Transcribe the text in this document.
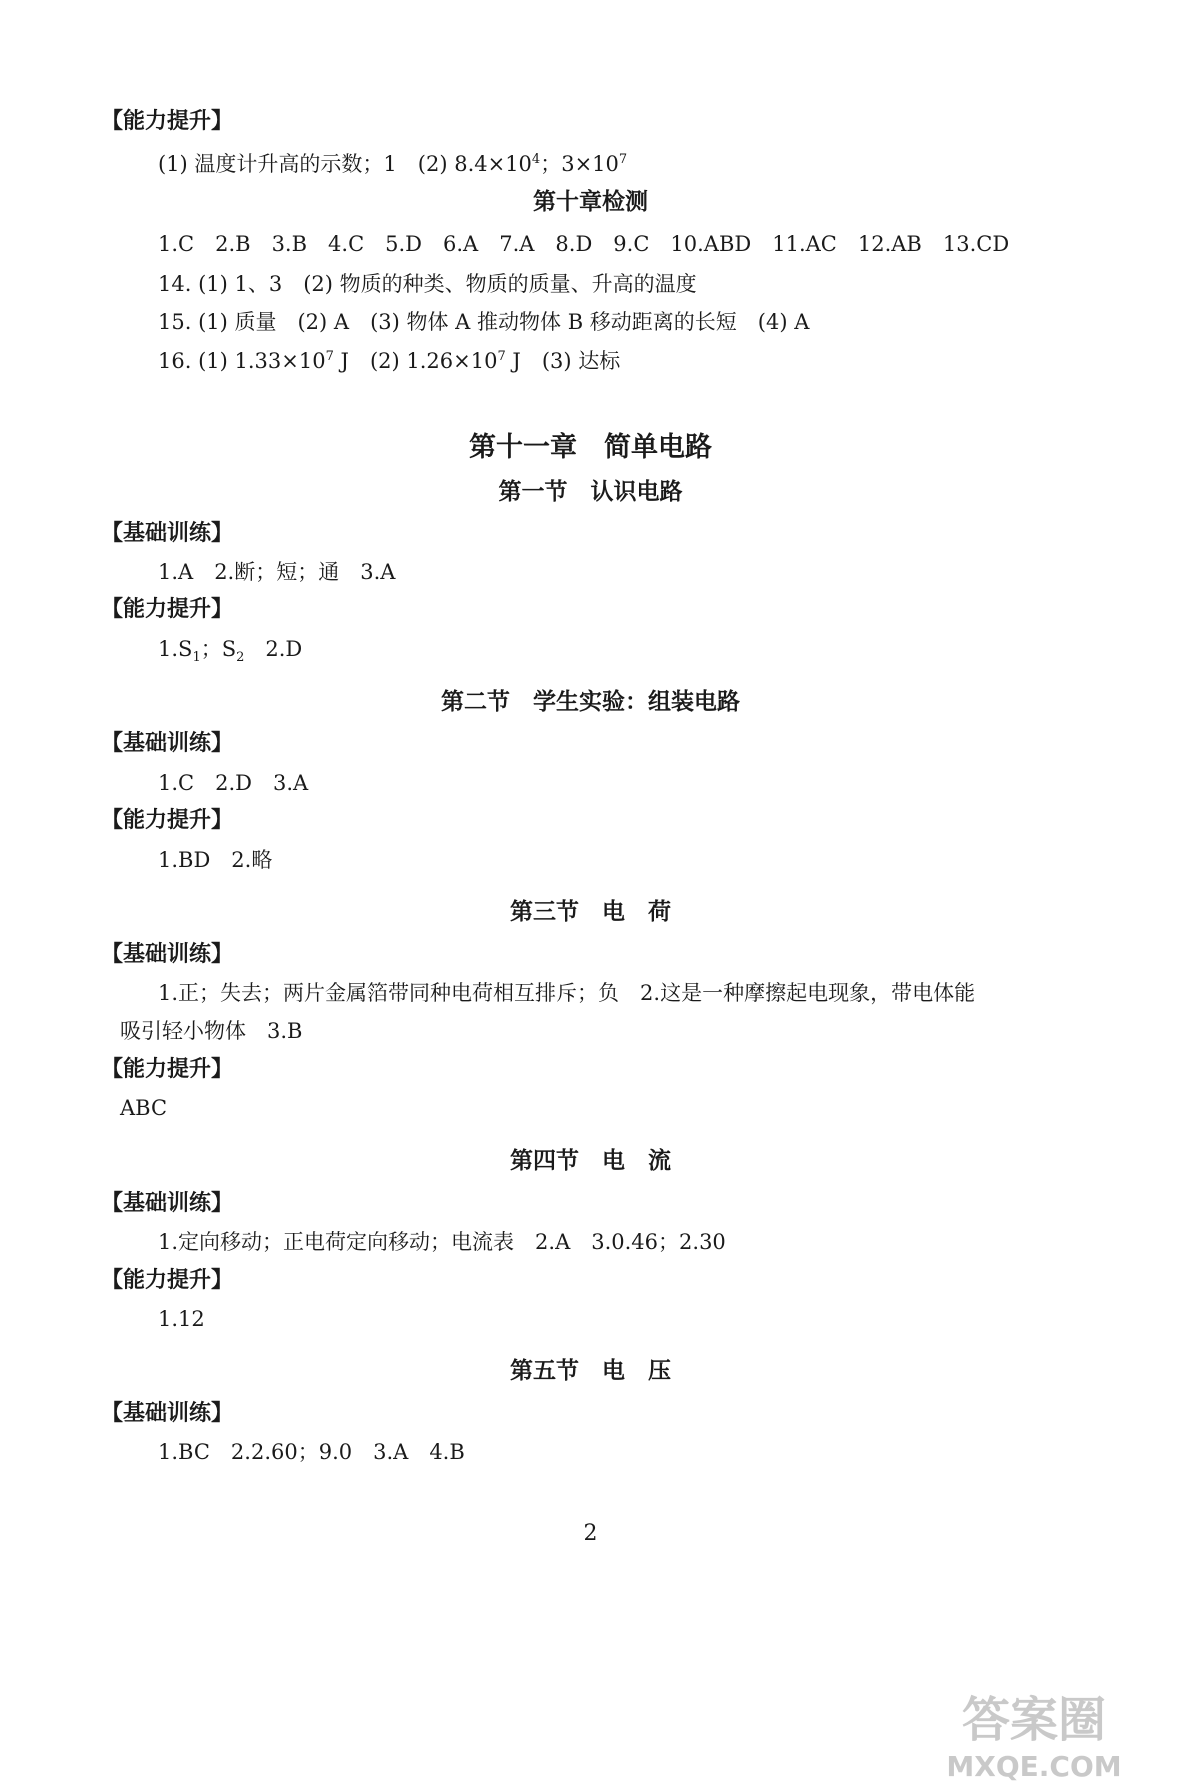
【能力提升】
(1) 温度计升高的示数；1　(2) $8.4\times 10^4$；$3\times 10^7$
第十章检测
1.C　2.B　3.B　4.C　5.D　6.A　7.A　8.D　9.C　10.ABD　11.AC　12.AB　13.CD
14. (1) 1、3　(2) 物质的种类、物质的质量、升高的温度
15. (1) 质量　(2) A　(3) 物体 A 推动物体 B 移动距离的长短　(4) A
16. (1) $1.33\times 10^7$ J　(2) $1.26\times 10^7$ J　(3) 达标
第十一章　简单电路
第一节　认识电路
【基础训练】
1.A　2.断；短；通　3.A
【能力提升】
$1.S_1$；$S_2$　2.D
第二节　学生实验：组装电路
【基础训练】
1.C　2.D　3.A
【能力提升】
1.BD　2.略
第三节　电　荷
【基础训练】
1.正；失去；两片金属箔带同种电荷相互排斥；负　2.这是一种摩擦起电现象，带电体能
吸引轻小物体　3.B
【能力提升】
ABC
第四节　电　流
【基础训练】
1.定向移动；正电荷定向移动；电流表　2.A　3.0.46；2.30
【能力提升】
1.12
第五节　电　压
【基础训练】
1.BC　2.2.60；9.0　3.A　4.B
2
答案圈
MXQE.COM
